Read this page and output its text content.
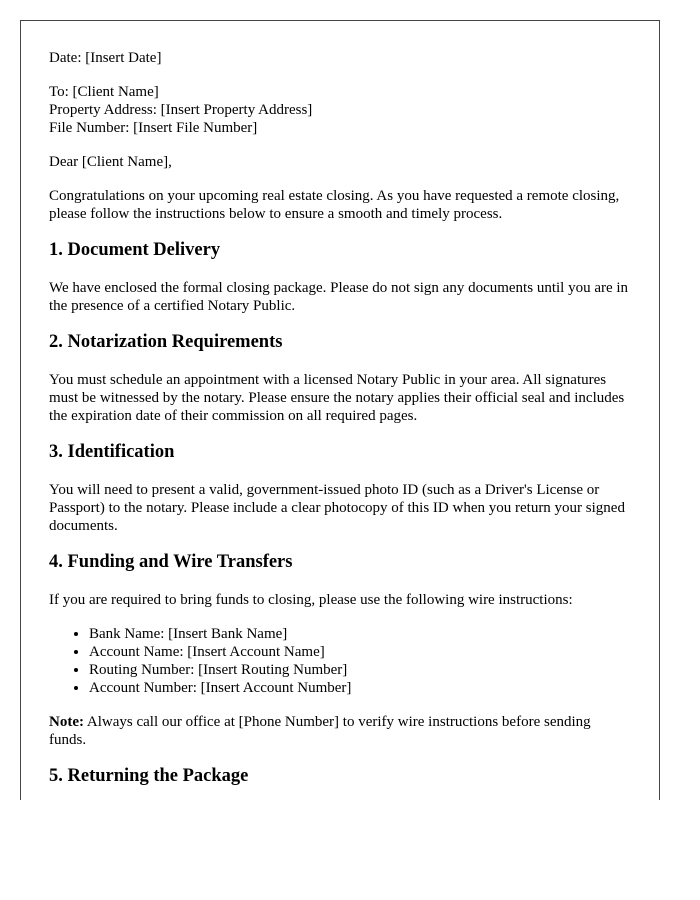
Date: [Insert Date]

To: [Client Name]

Property Address: [Insert Property Address]

File Number: [Insert File Number]

Dear [Client Name],

Congratulations on your upcoming real estate closing. As you have requested a remote closing, please follow the instructions below to ensure a smooth and timely process.

1. Document Delivery

We have enclosed the formal closing package. Please do not sign any documents until you are in the presence of a certified Notary Public.

2. Notarization Requirements

You must schedule an appointment with a licensed Notary Public in your area. All signatures must be witnessed by the notary. Please ensure the notary applies their official seal and includes the expiration date of their commission on all required pages.

3. Identification

You will need to present a valid, government-issued photo ID (such as a Driver's License or Passport) to the notary. Please include a clear photocopy of this ID when you return your signed documents.

4. Funding and Wire Transfers

If you are required to bring funds to closing, please use the following wire instructions:

• Bank Name: [Insert Bank Name]
• Account Name: [Insert Account Name]
• Routing Number: [Insert Routing Number]
• Account Number: [Insert Account Number]

Note: Always call our office at [Phone Number] to verify wire instructions before sending funds.

5. Returning the Package
